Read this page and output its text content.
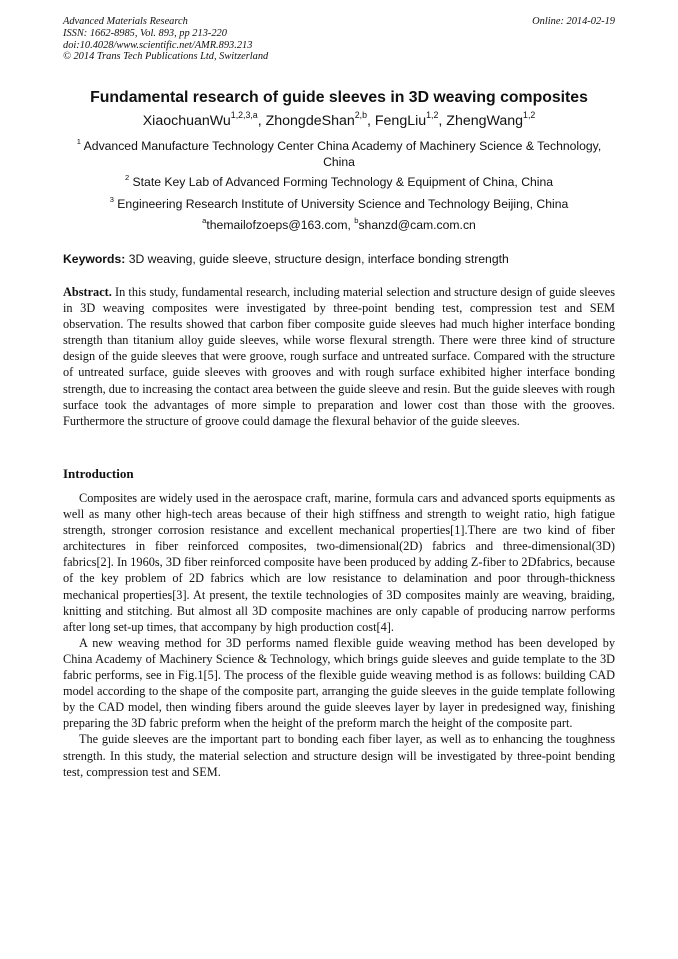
Advanced Materials Research
ISSN: 1662-8985, Vol. 893, pp 213-220
doi:10.4028/www.scientific.net/AMR.893.213
© 2014 Trans Tech Publications Ltd, Switzerland
Online: 2014-02-19
Fundamental research of guide sleeves in 3D weaving composites
XiaochuanWu$^{1,2,3,a}$, ZhongdeShan$^{2,b}$, FengLiu$^{1,2}$, ZhengWang$^{1,2}$
$^1$ Advanced Manufacture Technology Center China Academy of Machinery Science & Technology, China
$^2$ State Key Lab of Advanced Forming Technology & Equipment of China, China
$^3$ Engineering Research Institute of University Science and Technology Beijing, China
$^a$themailofzoeps@163.com, $^b$shanzd@cam.com.cn
Keywords: 3D weaving, guide sleeve, structure design, interface bonding strength
Abstract. In this study, fundamental research, including material selection and structure design of guide sleeves in 3D weaving composites were investigated by three-point bending test, compression test and SEM observation. The results showed that carbon fiber composite guide sleeves had much higher interface bonding strength than titanium alloy guide sleeves, while worse flexural strength. There were three kind of structure design of the guide sleeves that were groove, rough surface and untreated surface. Compared with the structure of untreated surface, guide sleeves with grooves and with rough surface exhibited higher interface bonding strength, due to increasing the contact area between the guide sleeve and resin. But the guide sleeves with rough surface took the advantages of more simple to preparation and lower cost than those with the grooves. Furthermore the structure of groove could damage the flexural behavior of the guide sleeves.
Introduction

Composites are widely used in the aerospace craft, marine, formula cars and advanced sports equipments as well as many other high-tech areas because of their high stiffness and strength to weight ratio, high fatigue strength, stronger corrosion resistance and excellent mechanical properties[1].There are two kind of fiber architectures in fiber reinforced composites, two-dimensional(2D) fabrics and three-dimensional(3D) fabrics[2]. In 1960s, 3D fiber reinforced composite have been produced by adding Z-fiber to 2Dfabrics, because of the key problem of 2D fabrics which are low resistance to delamination and poor through-thickness mechanical properties[3]. At present, the textile technologies of 3D composites mainly are weaving, braiding, knitting and stitching. But almost all 3D composite machines are only capable of producing narrow performs after long set-up times, that accompany by high production cost[4].

A new weaving method for 3D performs named flexible guide weaving method has been developed by China Academy of Machinery Science & Technology, which brings guide sleeves and guide template to the 3D fabric performs, see in Fig.1[5]. The process of the flexible guide weaving method is as follows: building CAD model according to the shape of the composite part, arranging the guide sleeves in the guide template following by the CAD model, then winding fibers around the guide sleeves layer by layer in predesigned way, finishing preparing the 3D fabric preform when the height of the preform march the height of the composite part.

The guide sleeves are the important part to bonding each fiber layer, as well as to enhancing the toughness strength. In this study, the material selection and structure design will be investigated by three-point bending test, compression test and SEM.
